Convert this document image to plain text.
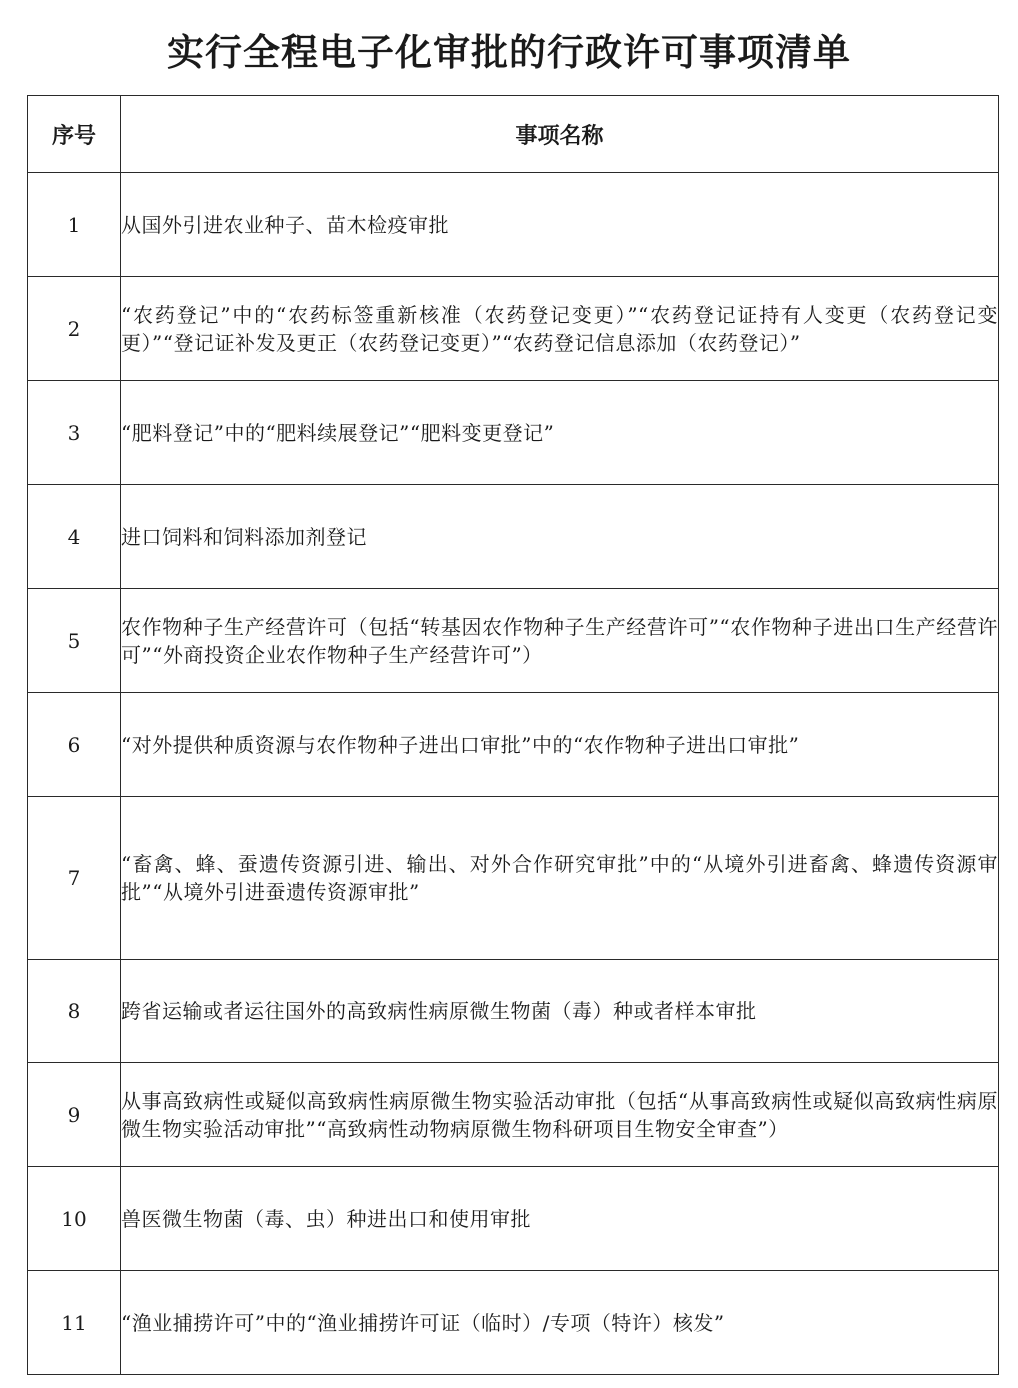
实行全程电子化审批的行政许可事项清单
序号	事项名称
1	从国外引进农业种子、苗木检疫审批
2	“农药登记”中的“农药标签重新核准（农药登记变更）”“农药登记证持有人变更（农药登记变更）”“登记证补发及更正（农药登记变更）”“农药登记信息添加（农药登记）”
3	“肥料登记”中的“肥料续展登记”“肥料变更登记”
4	进口饲料和饲料添加剂登记
5	农作物种子生产经营许可（包括“转基因农作物种子生产经营许可”“农作物种子进出口生产经营许可”“外商投资企业农作物种子生产经营许可”）
6	“对外提供种质资源与农作物种子进出口审批”中的“农作物种子进出口审批”
7	“畜禽、蜂、蚕遗传资源引进、输出、对外合作研究审批”中的“从境外引进畜禽、蜂遗传资源审批”“从境外引进蚕遗传资源审批”
8	跨省运输或者运往国外的高致病性病原微生物菌（毒）种或者样本审批
9	从事高致病性或疑似高致病性病原微生物实验活动审批（包括“从事高致病性或疑似高致病性病原微生物实验活动审批”“高致病性动物病原微生物科研项目生物安全审查”）
10	兽医微生物菌（毒、虫）种进出口和使用审批
11	“渔业捕捞许可”中的“渔业捕捞许可证（临时）/专项（特许）核发”
